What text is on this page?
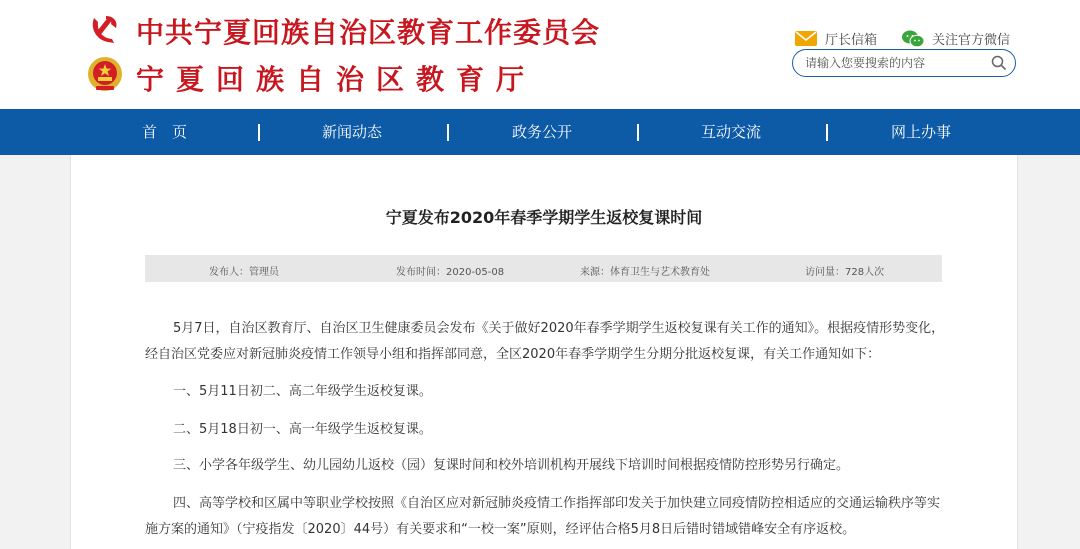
中共宁夏回族自治区教育工作委员会
宁夏回族自治区教育厅
厅长信箱	关注官方微信
请输入您要搜索的内容
首　页	新闻动态	政务公开	互动交流	网上办事
宁夏发布2020年春季学期学生返校复课时间
发布人：管理员	发布时间：2020-05-08	来源：体育卫生与艺术教育处	访问量：728人次

5月7日，自治区教育厅、自治区卫生健康委员会发布《关于做好2020年春季学期学生返校复课有关工作的通知》。根据疫情形势变化，经自治区党委应对新冠肺炎疫情工作领导小组和指挥部同意，全区2020年春季学期学生分期分批返校复课，有关工作通知如下：

一、5月11日初二、高二年级学生返校复课。

二、5月18日初一、高一年级学生返校复课。

三、小学各年级学生、幼儿园幼儿返校（园）复课时间和校外培训机构开展线下培训时间根据疫情防控形势另行确定。

四、高等学校和区属中等职业学校按照《自治区应对新冠肺炎疫情工作指挥部印发关于加快建立同疫情防控相适应的交通运输秩序等实施方案的通知》（宁疫指发〔2020〕44号）有关要求和“一校一案”原则，经评估合格5月8日后错时错域错峰安全有序返校。
